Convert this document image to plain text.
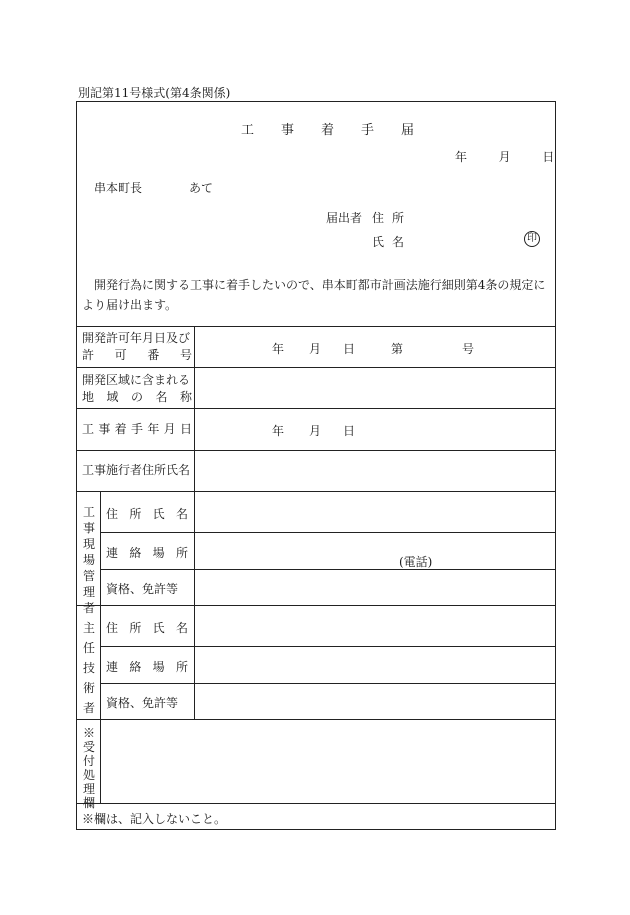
別記第11号様式(第4条関係)
工事着手届
年	月	日
串本町長	あて
届出者 住所
氏名	印
開発行為に関する工事に着手したいので、串本町都市計画法施行細則第4条の規定により届け出ます。
開発許可年月日及び
許 可 番 号	年 月 日	第	号
開発区域に含まれる
地 域 の 名 称
工 事 着 手 年 月 日	年 月 日
工事施行者住所氏名
工事現場管理者
住 所 氏 名
連 絡 場 所
(電話)
資格、免許等
主任技術者
住 所 氏 名
連 絡 場 所
資格、免許等
※受付処理欄
※欄は、記入しないこと。
